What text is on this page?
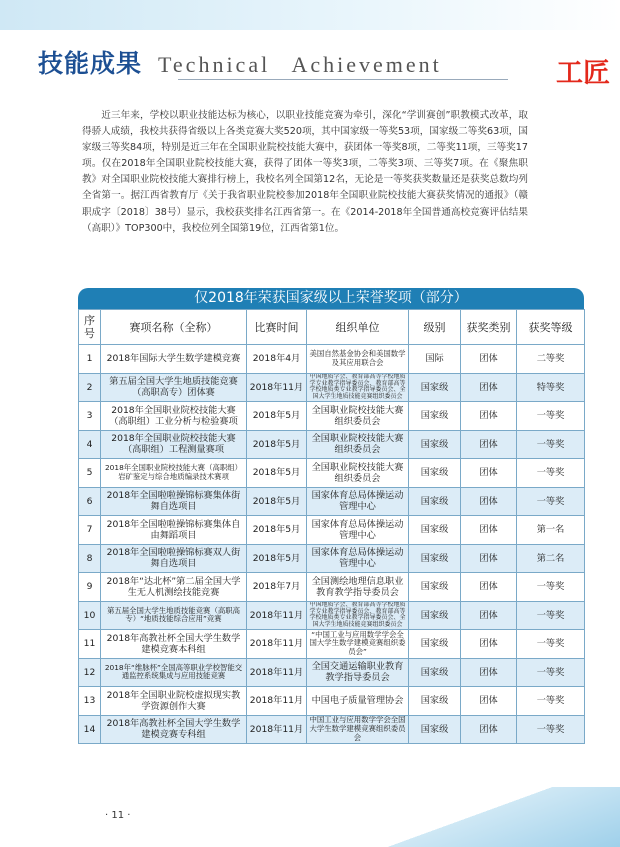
技能成果 Technical Achievement	工匠

近三年来，学校以职业技能达标为核心，以职业技能竞赛为牵引，深化“学训赛创”职教模式改革，取得骄人成绩，我校共获得省级以上各类竞赛大奖520项，其中国家级一等奖53项，国家级二等奖63项，国家级三等奖84项，特别是近三年在全国职业院校技能大赛中，获团体一等奖8项，二等奖11项，三等奖17项。仅在2018年全国职业院校技能大赛，获得了团体一等奖3项，二等奖3项、三等奖7项。在《聚焦职教》对全国职业院校技能大赛排行榜上，我校名列全国第12名，无论是一等奖获奖数量还是获奖总数均列全省第一。据江西省教育厅《关于我省职业院校参加2018年全国职业院校技能大赛获奖情况的通报》（赣职成字〔2018〕38号）显示，我校获奖排名江西省第一。在《2014-2018年全国普通高校竞赛评估结果（高职）》TOP300中，我校位列全国第19位，江西省第1位。

仅2018年荣获国家级以上荣誉奖项（部分）
序号	赛项名称（全称）	比赛时间	组织单位	级别	获奖类别	获奖等级
1	2018年国际大学生数学建模竞赛	2018年4月	美国自然基金协会和美国数学及其应用联合会	国际	团体	二等奖
2	第五届全国大学生地质技能竞赛（高职高专）团体赛	2018年11月	中国地质学会、教育部高等学校地质学专业教学指导委员会、教育部高等学校地质类专业教学指导委员会、全国大学生地质技能竞赛组织委员会	国家级	团体	特等奖
3	2018年全国职业院校技能大赛（高职组）工业分析与检验赛项	2018年5月	全国职业院校技能大赛组织委员会	国家级	团体	一等奖
4	2018年全国职业院校技能大赛（高职组）工程测量赛项	2018年5月	全国职业院校技能大赛组织委员会	国家级	团体	一等奖
5	2018年全国职业院校技能大赛（高职组）岩矿鉴定与综合地质编录技术赛项	2018年5月	全国职业院校技能大赛组织委员会	国家级	团体	一等奖
6	2018年全国啦啦操锦标赛集体街舞自选项目	2018年5月	国家体育总局体操运动管理中心	国家级	团体	一等奖
7	2018年全国啦啦操锦标赛集体自由舞蹈项目	2018年5月	国家体育总局体操运动管理中心	国家级	团体	第一名
8	2018年全国啦啦操锦标赛双人街舞自选项目	2018年5月	国家体育总局体操运动管理中心	国家级	团体	第二名
9	2018年“达北杯”第二届全国大学生无人机测绘技能竞赛	2018年7月	全国测绘地理信息职业教育教学指导委员会	国家级	团体	一等奖
10	第五届全国大学生地质技能竞赛（高职高专）“地质技能综合应用”竞赛	2018年11月	中国地质学会、教育部高等学校地质学专业教学指导委员会、教育部高等学校地质类专业教学指导委员会、全国大学生地质技能竞赛组织委员会	国家级	团体	一等奖
11	2018年高教社杯全国大学生数学建模竞赛本科组	2018年11月	“中国工业与应用数学学会全国大学生数学建模竞赛组织委员会”	国家级	团体	一等奖
12	2018年“维脉杯”全国高等职业学校智能交通监控系统集成与应用技能竞赛	2018年11月	全国交通运输职业教育教学指导委员会	国家级	团体	一等奖
13	2018年全国职业院校虚拟现实教学资源创作大赛	2018年11月	中国电子质量管理协会	国家级	团体	一等奖
14	2018年高教社杯全国大学生数学建模竞赛专科组	2018年11月	中国工业与应用数学学会全国大学生数学建模竞赛组织委员会	国家级	团体	一等奖
· 11 ·
